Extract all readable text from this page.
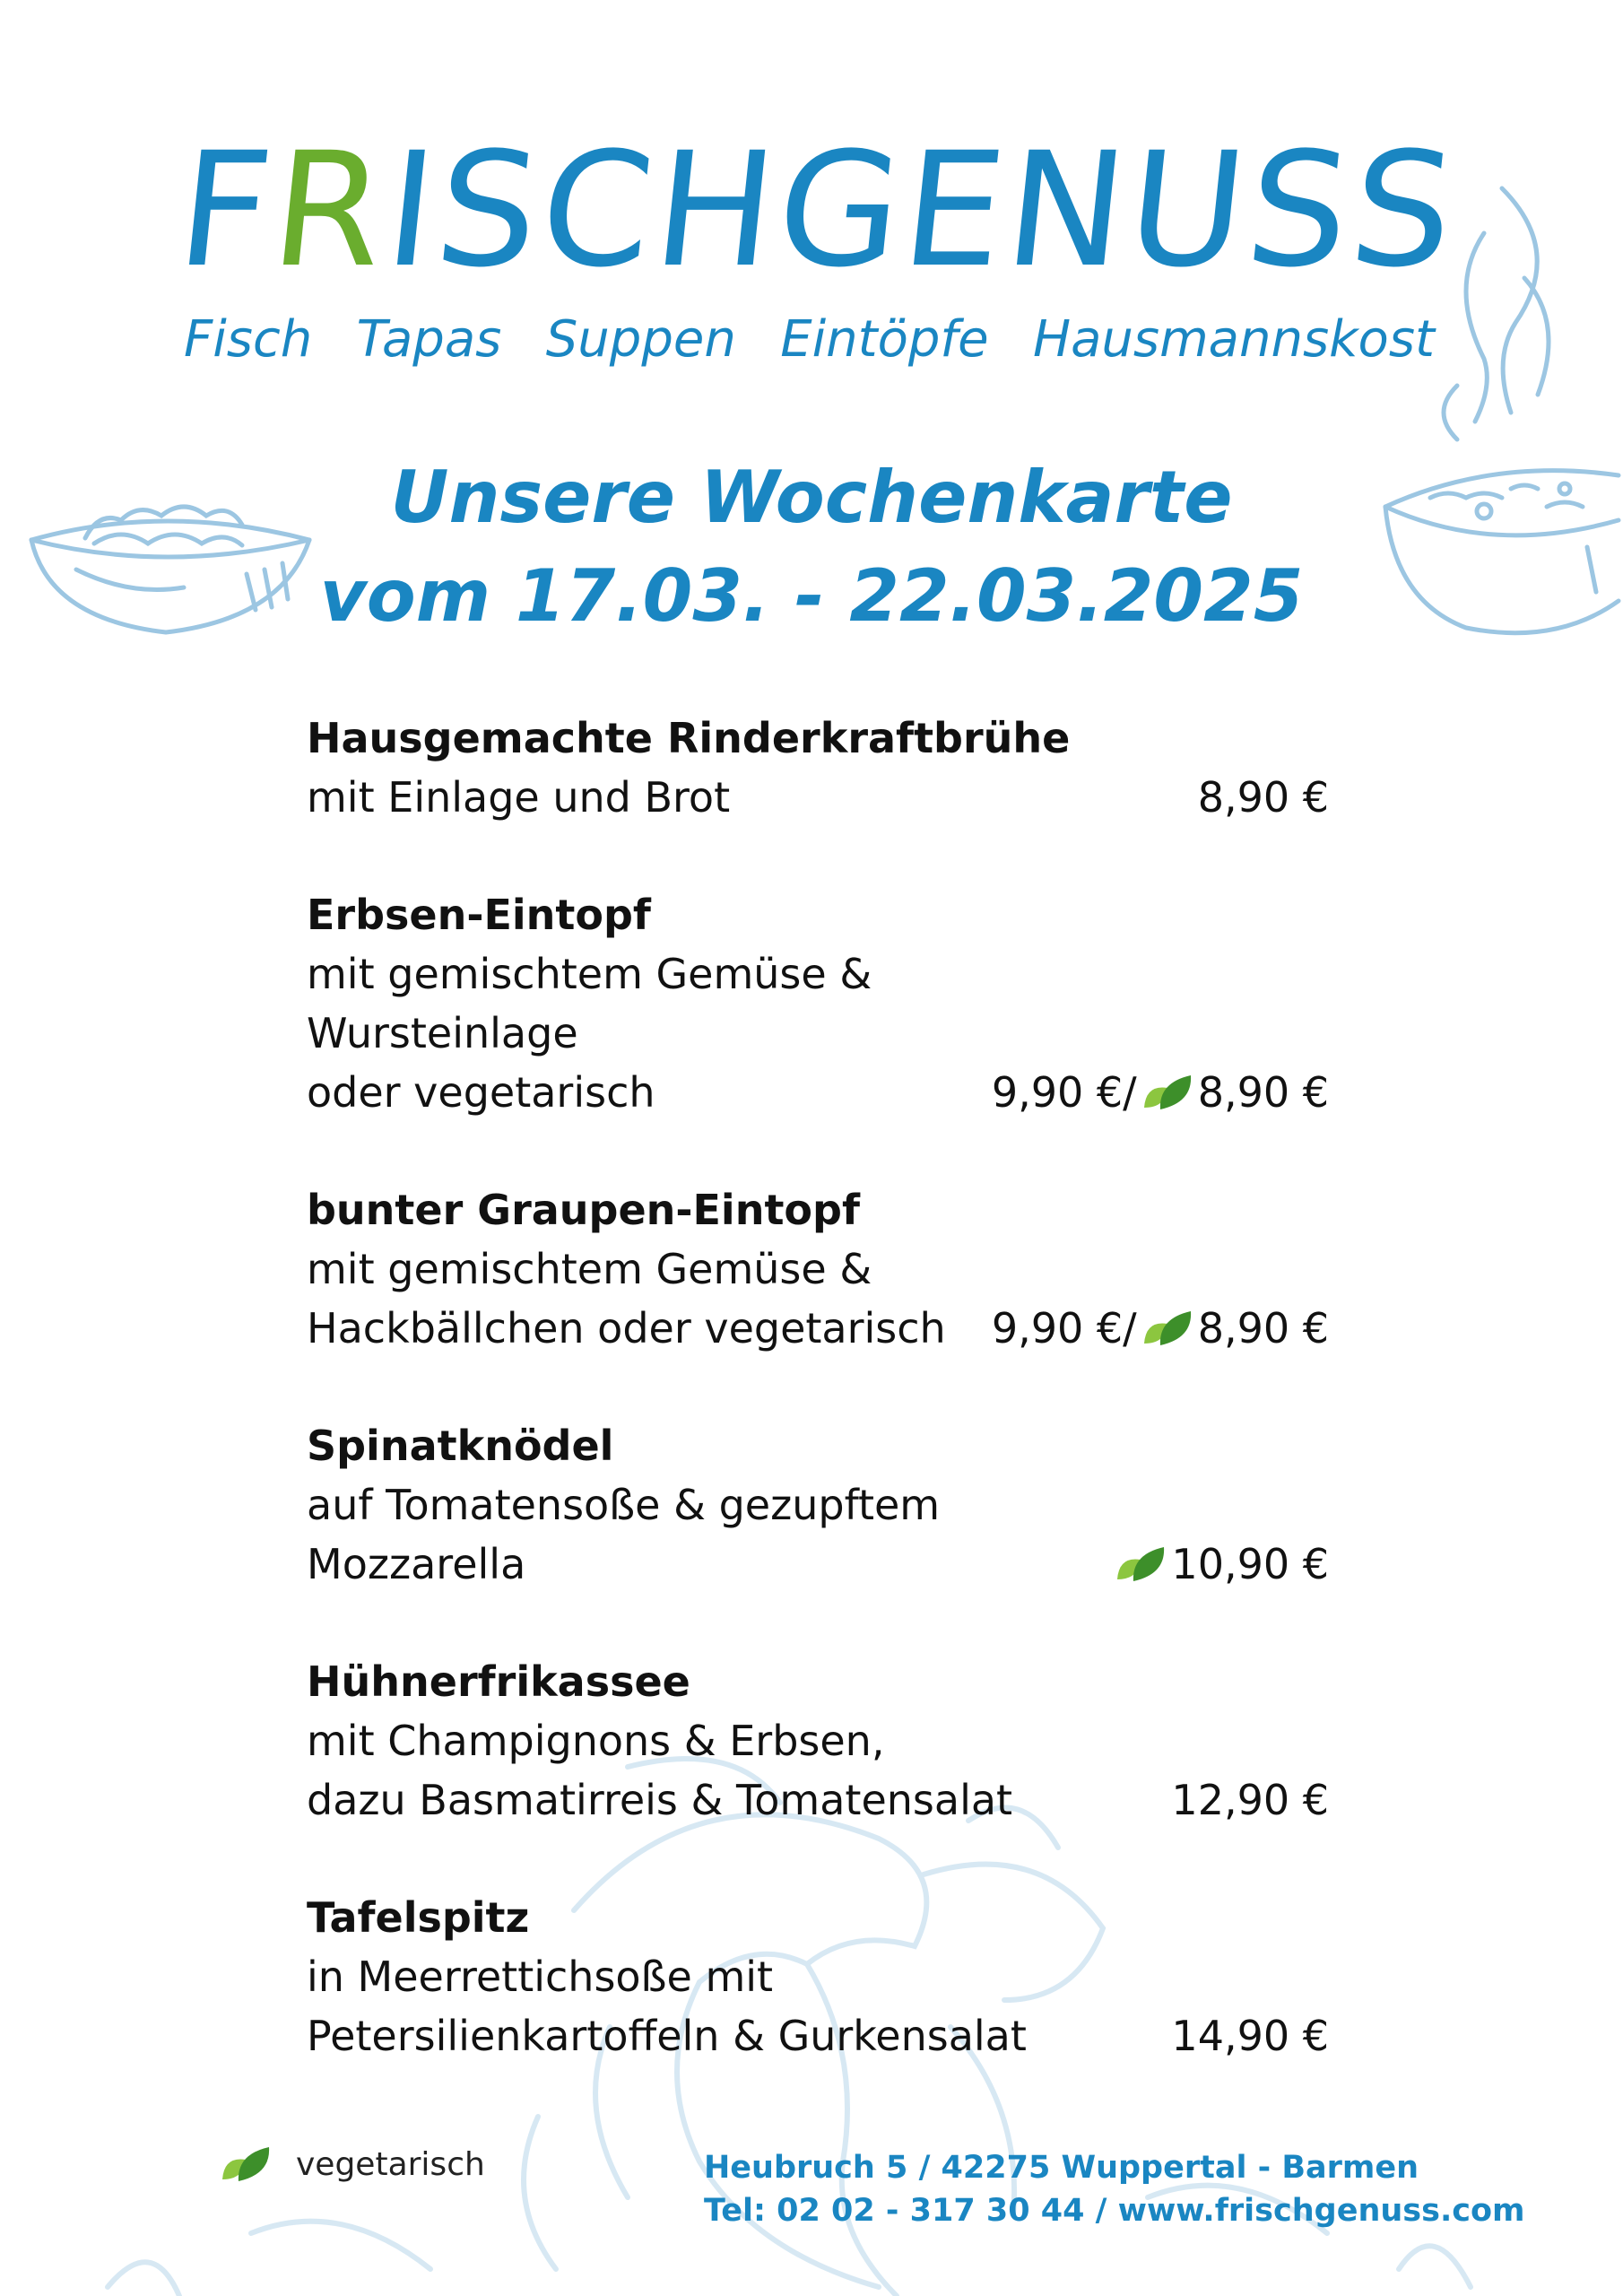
F
R
I
S
C
H
G
E
N
U
S
S
Fisch Tapas Suppen Eintöpfe Hausmannskost
Unsere Wochenkarte
vom 17.03. - 22.03.2025
Hausgemachte Rinderkraftbrühe
mit Einlage und Brot	8,90 €
Erbsen-Eintopf
mit gemischtem Gemüse &
Wursteinlage
oder vegetarisch	9,90 €/ 8,90 €
bunter Graupen-Eintopf
mit gemischtem Gemüse &
Hackbällchen oder vegetarisch 9,90 €/ 8,90 €
Spinatknödel
auf Tomatensoße & gezupftem
Mozzarella	10,90 €
Hühnerfrikassee
mit Champignons & Erbsen,
dazu Basmatirreis & Tomatensalat	12,90 €
Tafelspitz
in Meerrettichsoße mit
Petersilienkartoffeln & Gurkensalat	14,90 €
vegetarisch	Heubruch 5 / 42275 Wuppertal - Barmen
Tel: 02 02 - 317 30 44 / www.frischgenuss.com
